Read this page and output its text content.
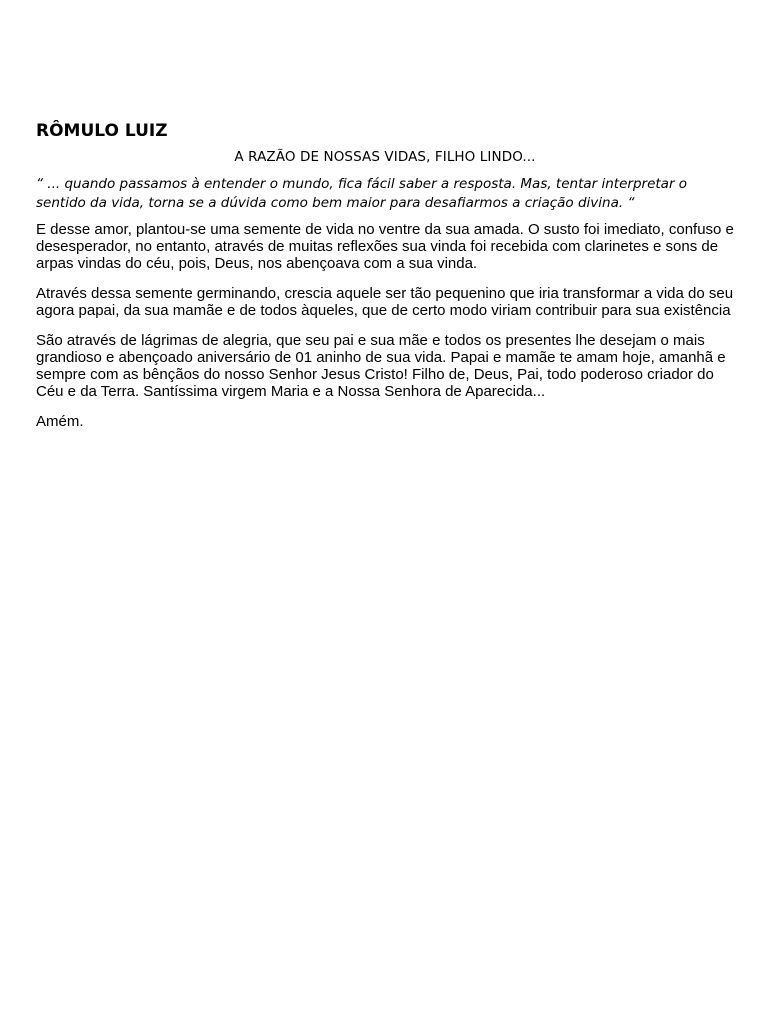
RÔMULO LUIZ
A RAZÃO DE NOSSAS VIDAS, FILHO LINDO...
“ ... quando passamos à entender o mundo, fica fácil saber a resposta. Mas, tentar interpretar o sentido da vida, torna se a dúvida como bem maior para desafiarmos a criação divina. “
E desse amor, plantou-se uma semente de vida no ventre da sua amada. O susto foi imediato, confuso e desesperador, no entanto, através de muitas reflexões sua vinda foi recebida com clarinetes e sons de arpas vindas do céu, pois, Deus, nos abençoava com a sua vinda.
Através dessa semente germinando, crescia aquele ser tão pequenino que iria transformar a vida do seu agora papai, da sua mamãe e de todos àqueles, que de certo modo viriam contribuir para sua existência
São através de lágrimas de alegria, que seu pai e sua mãe e todos os presentes lhe desejam o mais grandioso e abençoado aniversário de 01 aninho de sua vida. Papai e mamãe te amam hoje, amanhã e sempre com as bênçãos do nosso Senhor Jesus Cristo! Filho de, Deus, Pai, todo poderoso criador do Céu e da Terra. Santíssima virgem Maria e a Nossa Senhora de Aparecida...
Amém.
